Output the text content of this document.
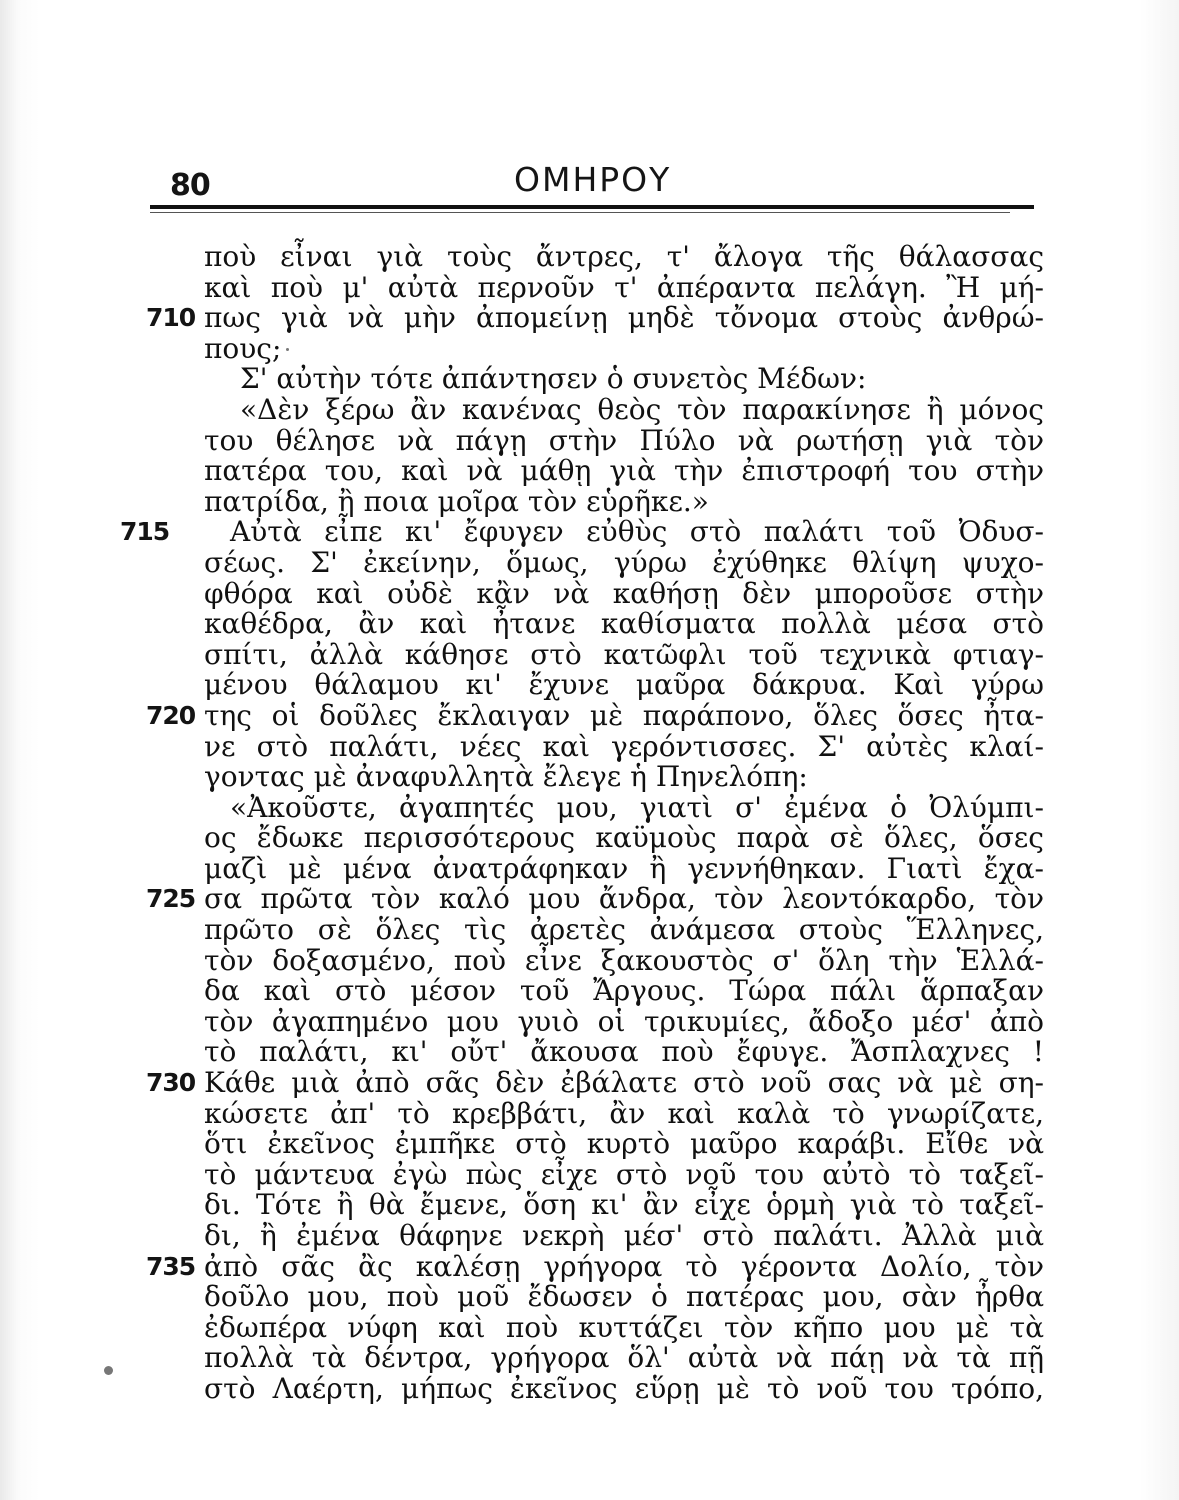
80	ΟΜΗΡΟΥ
ποὺ εἶναι γιὰ τοὺς ἄντρες, τ' ἄλογα τῆς θάλασσας
καὶ ποὺ μ' αὐτὰ περνοῦν τ' ἀπέραντα πελάγη. Ἢ μή-
710 πως γιὰ νὰ μὴν ἀπομείνῃ μηδὲ τὄνομα στοὺς ἀνθρώ-
πους;
Σ' αὐτὴν τότε ἀπάντησεν ὁ συνετὸς Μέδων:
«Δὲν ξέρω ἂν κανένας θεὸς τὸν παρακίνησε ἢ μόνος
του θέλησε νὰ πάγῃ στὴν Πύλο νὰ ρωτήσῃ γιὰ τὸν
πατέρα του, καὶ νὰ μάθῃ γιὰ τὴν ἐπιστροφή του στὴν
πατρίδα, ἢ ποια μοῖρα τὸν εὑρῆκε.»
715 Αὐτὰ εἶπε κι' ἔφυγεν εὐθὺς στὸ παλάτι τοῦ Ὀδυσ-
σέως. Σ' ἐκείνην, ὅμως, γύρω ἐχύθηκε θλίψη ψυχο-
φθόρα καὶ οὐδὲ κἂν νὰ καθήσῃ δὲν μποροῦσε στὴν
καθέδρα, ἂν καὶ ἦτανε καθίσματα πολλὰ μέσα στὸ
σπίτι, ἀλλὰ κάθησε στὸ κατῶφλι τοῦ τεχνικὰ φτιαγ-
μένου θάλαμου κι' ἔχυνε μαῦρα δάκρυα. Καὶ γύρω
720 της οἱ δοῦλες ἔκλαιγαν μὲ παράπονο, ὅλες ὅσες ἦτα-
νε στὸ παλάτι, νέες καὶ γερόντισσες. Σ' αὐτὲς κλαί-
γοντας μὲ ἀναφυλλητὰ ἔλεγε ἡ Πηνελόπη:
«Ἀκοῦστε, ἀγαπητές μου, γιατὶ σ' ἐμένα ὁ Ὀλύμπι-
ος ἔδωκε περισσότερους καϋμοὺς παρὰ σὲ ὅλες, ὅσες
μαζὶ μὲ μένα ἀνατράφηκαν ἢ γεννήθηκαν. Γιατὶ ἔχα-
725 σα πρῶτα τὸν καλό μου ἄνδρα, τὸν λεοντόκαρδο, τὸν
πρῶτο σὲ ὅλες τὶς ἀρετὲς ἀνάμεσα στοὺς Ἕλληνες,
τὸν δοξασμένο, ποὺ εἶνε ξακουστὸς σ' ὅλη τὴν Ἑλλά-
δα καὶ στὸ μέσον τοῦ Ἄργους. Τώρα πάλι ἅρπαξαν
τὸν ἀγαπημένο μου γυιὸ οἱ τρικυμίες, ἄδοξο μέσ' ἀπὸ
τὸ παλάτι, κι' οὔτ' ἄκουσα ποὺ ἔφυγε. Ἄσπλαχνες !
730 Κάθε μιὰ ἀπὸ σᾶς δὲν ἐβάλατε στὸ νοῦ σας νὰ μὲ ση-
κώσετε ἀπ' τὸ κρεββάτι, ἂν καὶ καλὰ τὸ γνωρίζατε,
ὅτι ἐκεῖνος ἐμπῆκε στὸ κυρτὸ μαῦρο καράβι. Εἴθε νὰ
τὸ μάντευα ἐγὼ πὼς εἶχε στὸ νοῦ του αὐτὸ τὸ ταξεῖ-
δι. Τότε ἢ θὰ ἔμενε, ὅση κι' ἂν εἶχε ὁρμὴ γιὰ τὸ ταξεῖ-
δι, ἢ ἐμένα θάφηνε νεκρὴ μέσ' στὸ παλάτι. Ἀλλὰ μιὰ
735 ἀπὸ σᾶς ἂς καλέσῃ γρήγορα τὸ γέροντα Δολίο, τὸν
δοῦλο μου, ποὺ μοῦ ἔδωσεν ὁ πατέρας μου, σὰν ἦρθα
ἐδωπέρα νύφη καὶ ποὺ κυττάζει τὸν κῆπο μου μὲ τὰ
πολλὰ τὰ δέντρα, γρήγορα ὅλ' αὐτὰ νὰ πάῃ νὰ τὰ πῇ
στὸ Λαέρτη, μήπως ἐκεῖνος εὕρῃ μὲ τὸ νοῦ του τρόπο,
